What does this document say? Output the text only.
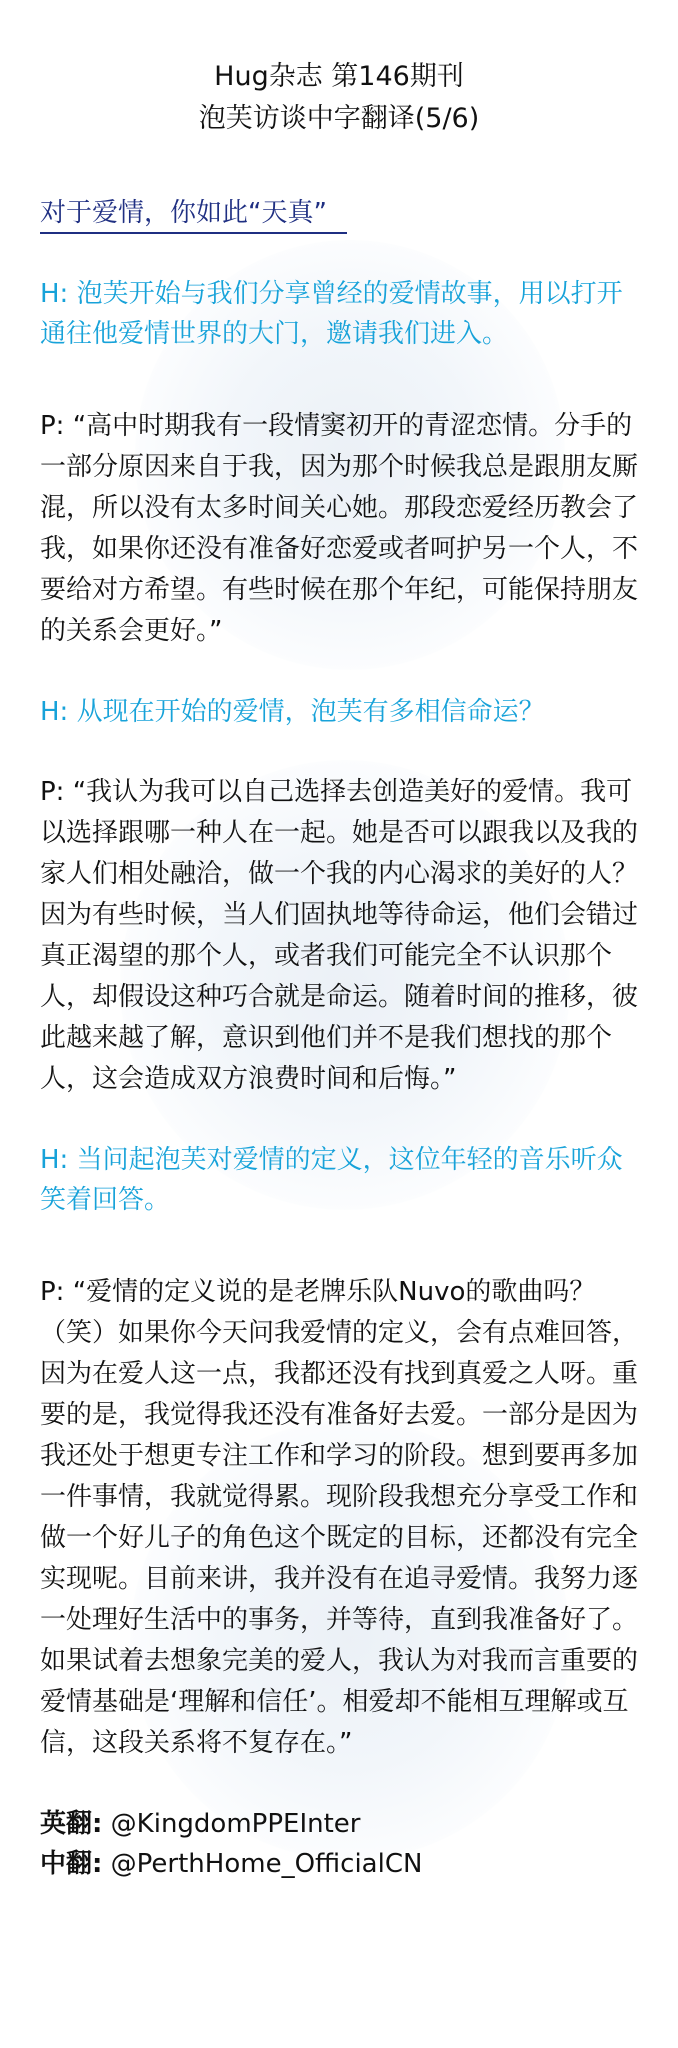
Hug杂志 第146期刊

泡芙访谈中字翻译(5/6)

对于爱情，你如此“天真”

H: 泡芙开始与我们分享曾经的爱情故事，用以打开通往他爱情世界的大门，邀请我们进入。

P: “高中时期我有一段情窦初开的青涩恋情。分手的一部分原因来自于我，因为那个时候我总是跟朋友厮混，所以没有太多时间关心她。那段恋爱经历教会了我，如果你还没有准备好恋爱或者呵护另一个人，不要给对方希望。有些时候在那个年纪，可能保持朋友的关系会更好。”

H: 从现在开始的爱情，泡芙有多相信命运？

P: “我认为我可以自己选择去创造美好的爱情。我可以选择跟哪一种人在一起。她是否可以跟我以及我的家人们相处融洽，做一个我的内心渴求的美好的人？因为有些时候，当人们固执地等待命运，他们会错过真正渴望的那个人，或者我们可能完全不认识那个人，却假设这种巧合就是命运。随着时间的推移，彼此越来越了解，意识到他们并不是我们想找的那个人，这会造成双方浪费时间和后悔。”

H: 当问起泡芙对爱情的定义，这位年轻的音乐听众笑着回答。

P: “爱情的定义说的是老牌乐队Nuvo的歌曲吗？（笑）如果你今天问我爱情的定义，会有点难回答，因为在爱人这一点，我都还没有找到真爱之人呀。重要的是，我觉得我还没有准备好去爱。一部分是因为我还处于想更专注工作和学习的阶段。想到要再多加一件事情，我就觉得累。现阶段我想充分享受工作和做一个好儿子的角色这个既定的目标，还都没有完全实现呢。目前来讲，我并没有在追寻爱情。我努力逐一处理好生活中的事务，并等待，直到我准备好了。如果试着去想象完美的爱人，我认为对我而言重要的爱情基础是‘理解和信任’。相爱却不能相互理解或互信，这段关系将不复存在。”

英翻: @KingdomPPEInter

中翻: @PerthHome_OfficialCN
